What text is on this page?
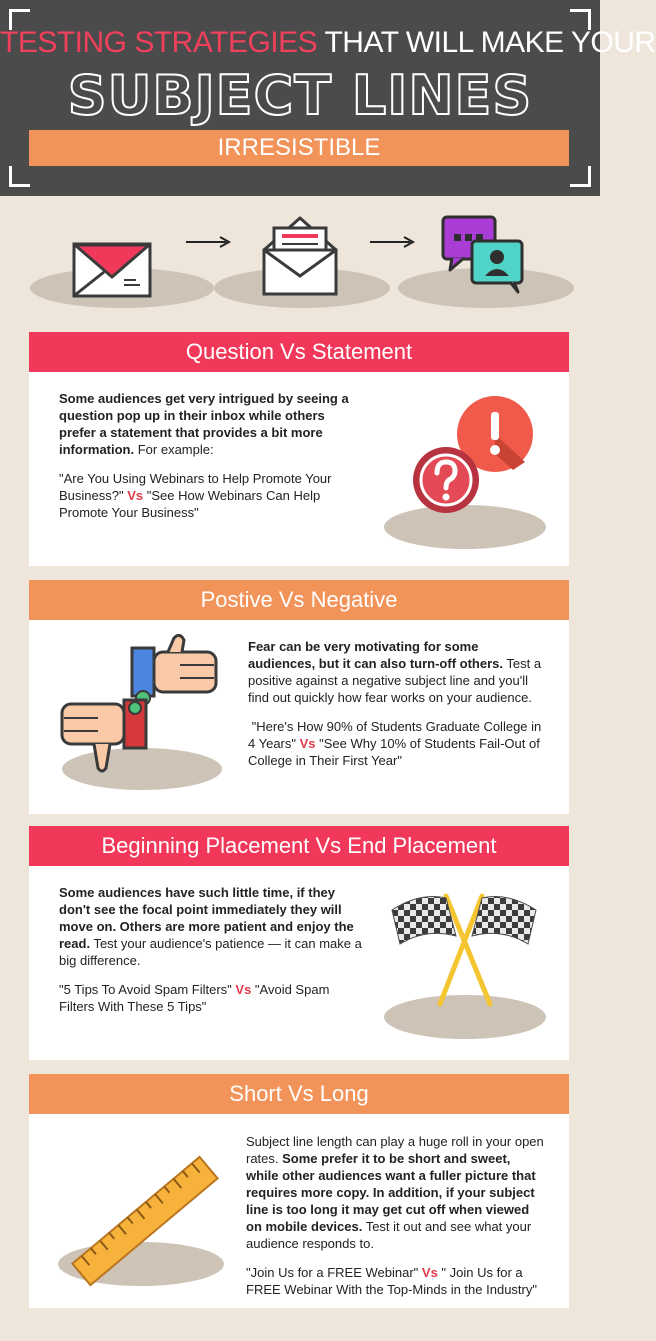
TESTING STRATEGIES THAT WILL MAKE YOUR
SUBJECT LINES
IRRESISTIBLE
Question Vs Statement

Some audiences get very intrigued by seeing a question pop up in their inbox while others prefer a statement that provides a bit more information. For example:

"Are You Using Webinars to Help Promote Your Business?" Vs "See How Webinars Can Help Promote Your Business"

Postive Vs Negative

Fear can be very motivating for some audiences, but it can also turn-off others. Test a positive against a negative subject line and you'll find out quickly how fear works on your audience.

"Here's How 90% of Students Graduate College in 4 Years" Vs "See Why 10% of Students Fail-Out of College in Their First Year"

Beginning Placement Vs End Placement

Some audiences have such little time, if they don't see the focal point immediately they will move on. Others are more patient and enjoy the read. Test your audience's patience — it can make a big difference.

"5 Tips To Avoid Spam Filters" Vs "Avoid Spam Filters With These 5 Tips"

Short Vs Long

Subject line length can play a huge roll in your open rates. Some prefer it to be short and sweet, while other audiences want a fuller picture that requires more copy. In addition, if your subject line is too long it may get cut off when viewed on mobile devices. Test it out and see what your audience responds to.

"Join Us for a FREE Webinar" Vs " Join Us for a FREE Webinar With the Top-Minds in the Industry"
